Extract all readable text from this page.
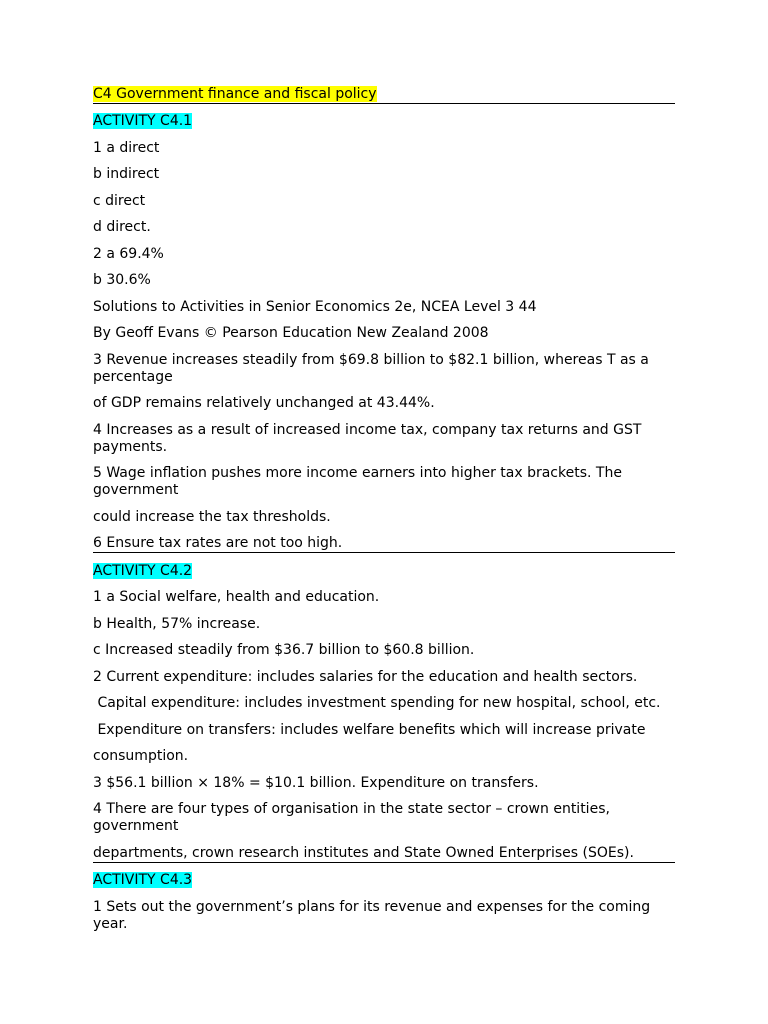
C4 Government finance and fiscal policy
ACTIVITY C4.1
1 a direct
b indirect
c direct
d direct.
2 a 69.4%
b 30.6%
Solutions to Activities in Senior Economics 2e, NCEA Level 3 44
By Geoff Evans © Pearson Education New Zealand 2008
3 Revenue increases steadily from $69.8 billion to $82.1 billion, whereas T as a percentage
of GDP remains relatively unchanged at 43.44%.
4 Increases as a result of increased income tax, company tax returns and GST payments.
5 Wage inflation pushes more income earners into higher tax brackets. The government
could increase the tax thresholds.
6 Ensure tax rates are not too high.
ACTIVITY C4.2
1 a Social welfare, health and education.
b Health, 57% increase.
c Increased steadily from $36.7 billion to $60.8 billion.
2 Current expenditure: includes salaries for the education and health sectors.
Capital expenditure: includes investment spending for new hospital, school, etc.
Expenditure on transfers: includes welfare benefits which will increase private
consumption.
3 $56.1 billion × 18% = $10.1 billion. Expenditure on transfers.
4 There are four types of organisation in the state sector – crown entities, government
departments, crown research institutes and State Owned Enterprises (SOEs).
ACTIVITY C4.3
1 Sets out the government’s plans for its revenue and expenses for the coming year.
